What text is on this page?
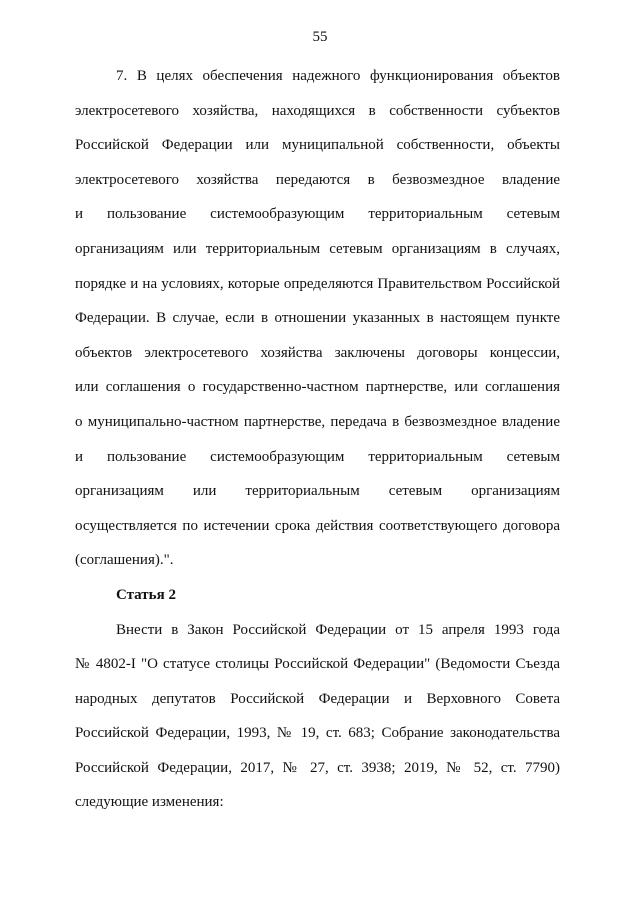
55
7. В целях обеспечения надежного функционирования объектов
электросетевого хозяйства, находящихся в собственности субъектов
Российской Федерации или муниципальной собственности, объекты
электросетевого хозяйства передаются в безвозмездное владение
и пользование системообразующим территориальным сетевым
организациям или территориальным сетевым организациям в случаях,
порядке и на условиях, которые определяются Правительством Российской
Федерации. В случае, если в отношении указанных в настоящем пункте
объектов электросетевого хозяйства заключены договоры концессии,
или соглашения о государственно-частном партнерстве, или соглашения
о муниципально-частном партнерстве, передача в безвозмездное владение
и пользование системообразующим территориальным сетевым
организациям или территориальным сетевым организациям
осуществляется по истечении срока действия соответствующего договора
(соглашения).".
Статья 2
Внести в Закон Российской Федерации от 15 апреля 1993 года
№ 4802-I "О статусе столицы Российской Федерации" (Ведомости Съезда
народных депутатов Российской Федерации и Верховного Совета
Российской Федерации, 1993, № 19, ст. 683; Собрание законодательства
Российской Федерации, 2017, № 27, ст. 3938; 2019, № 52, ст. 7790)
следующие изменения:
